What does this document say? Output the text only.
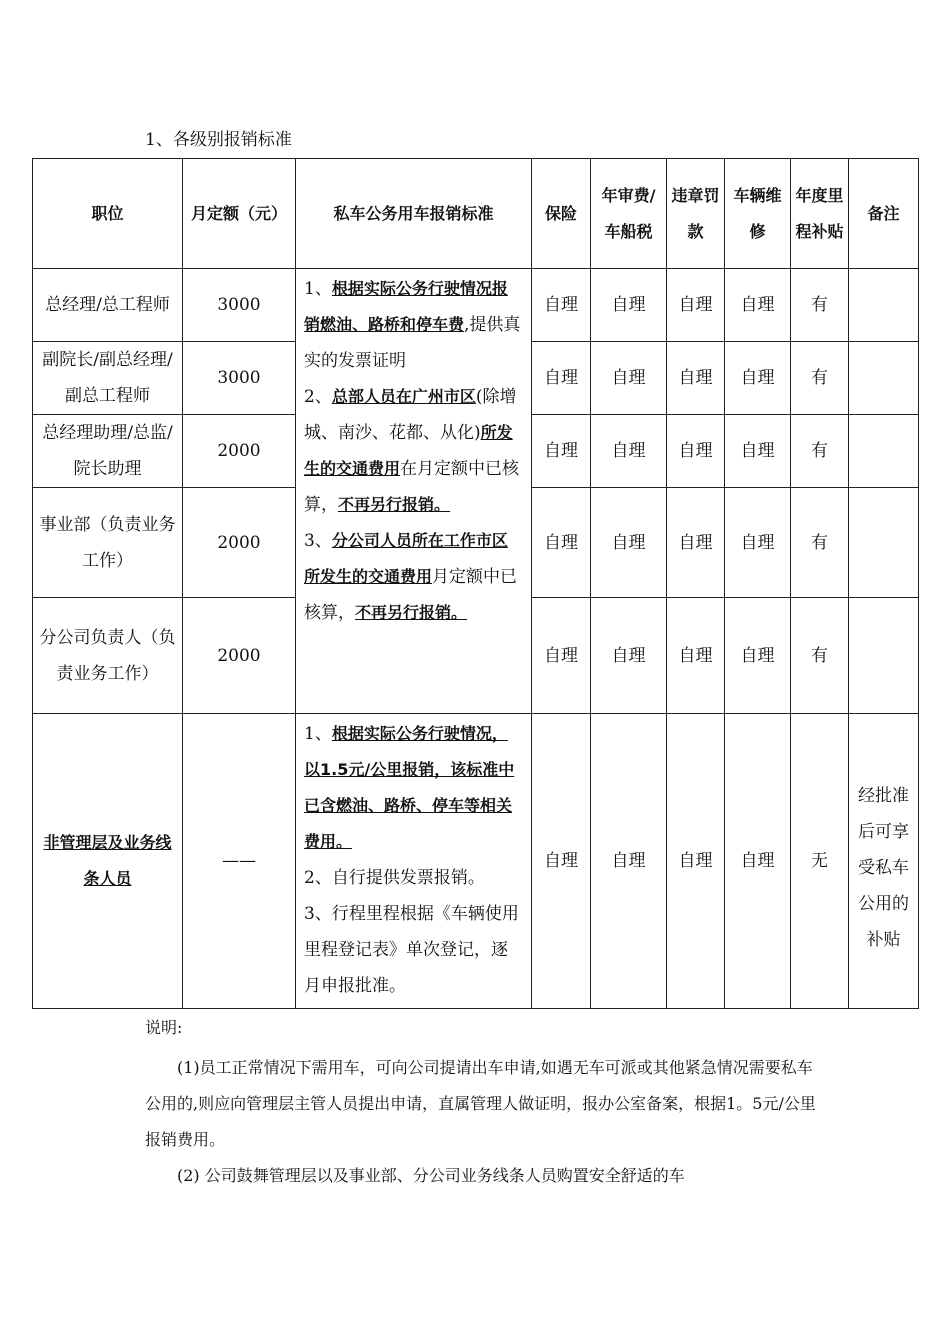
1、各级别报销标准
职位	月定额（元）	私车公务用车报销标准	保险	年审费/车船税	违章罚款	车辆维修	年度里程补贴	备注
总经理/总工程师	3000	1、根据实际公务行驶情况报销燃油、路桥和停车费,提供真实的发票证明
2、总部人员在广州市区(除增城、南沙、花都、从化)所发生的交通费用在月定额中已核算，不再另行报销。
3、分公司人员所在工作市区所发生的交通费用月定额中已核算，不再另行报销。	自理	自理	自理	自理	有	
副院长/副总经理/副总工程师	3000		自理	自理	自理	自理	有	
总经理助理/总监/院长助理	2000		自理	自理	自理	自理	有	
事业部（负责业务工作）	2000		自理	自理	自理	自理	有	
分公司负责人（负责业务工作）	2000		自理	自理	自理	自理	有	
非管理层及业务线条人员	——	1、根据实际公务行驶情况，以1.5元/公里报销，该标准中已含燃油、路桥、停车等相关费用。
2、自行提供发票报销。
3、行程里程根据《车辆使用里程登记表》单次登记，逐月申报批准。	自理	自理	自理	自理	无	经批准后可享受私车公用的补贴

说明:

(1)员工正常情况下需用车，可向公司提请出车申请,如遇无车可派或其他紧急情况需要私车公用的,则应向管理层主管人员提出申请，直属管理人做证明，报办公室备案，根据1。5元/公里报销费用。

(2) 公司鼓舞管理层以及事业部、分公司业务线条人员购置安全舒适的车
